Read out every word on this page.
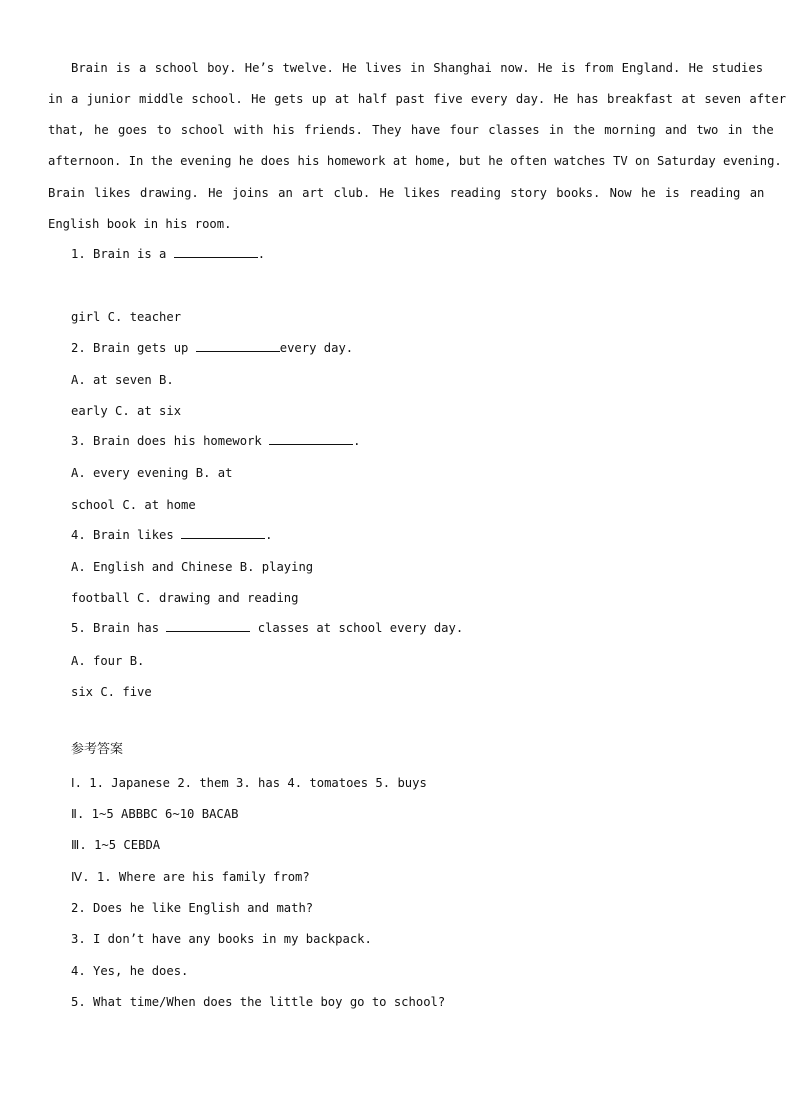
Brain is a school boy. He’s twelve. He lives in Shanghai now. He is from England. He studies
in a junior middle school. He gets up at half past five every day. He has breakfast at seven after
that, he goes to school with his friends. They have four classes in the morning and two in the
afternoon. In the evening he does his homework at home, but he often watches TV on Saturday evening.
Brain likes drawing. He joins an art club. He likes reading story books. Now he is reading an
English book in his room.
1. Brain is a	.
girl C. teacher
2. Brain gets up	every day.
A. at seven B.
early C. at six
3. Brain does his homework	.
A. every evening B. at
school C. at home
4. Brain likes	.
A. English and Chinese B. playing
football C. drawing and reading
5. Brain has	classes at school every day.
A. four B.
six C. five
参考答案
Ⅰ. 1. Japanese 2. them 3. has 4. tomatoes 5. buys
Ⅱ. 1~5 ABBBC 6~10 BACAB
Ⅲ. 1~5 CEBDA
Ⅳ. 1. Where are his family from?
2. Does he like English and math?
3. I don’t have any books in my backpack.
4. Yes, he does.
5. What time/When does the little boy go to school?
